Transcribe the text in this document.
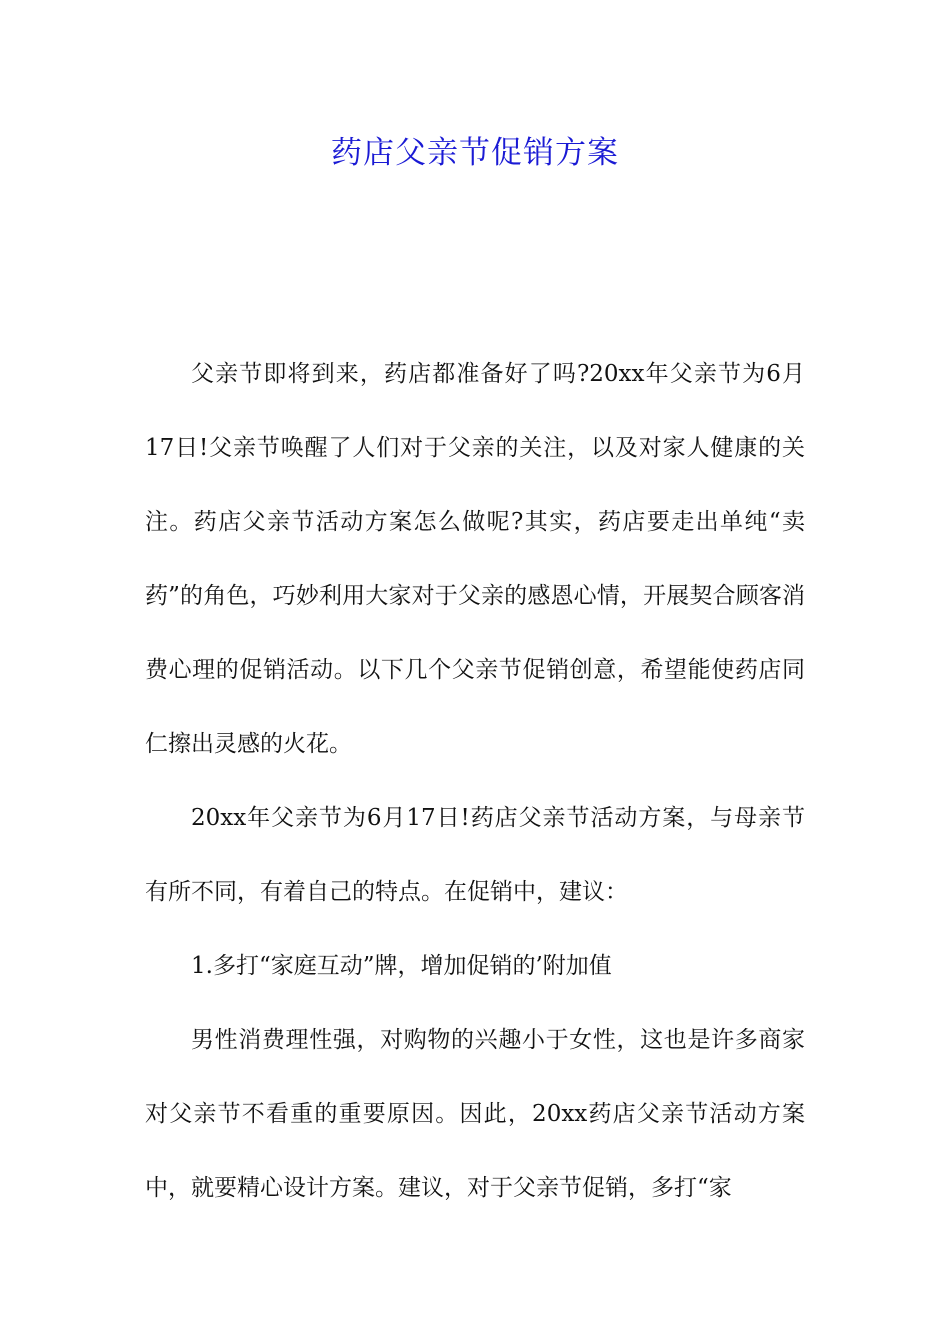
药店父亲节促销方案

父亲节即将到来，药店都准备好了吗?20xx年父亲节为6月17日!父亲节唤醒了人们对于父亲的关注，以及对家人健康的关注。药店父亲节活动方案怎么做呢?其实，药店要走出单纯“卖药”的角色，巧妙利用大家对于父亲的感恩心情，开展契合顾客消费心理的促销活动。以下几个父亲节促销创意，希望能使药店同仁擦出灵感的火花。

20xx年父亲节为6月17日!药店父亲节活动方案，与母亲节有所不同，有着自己的特点。在促销中，建议：

1.多打“家庭互动”牌，增加促销的’附加值

男性消费理性强，对购物的兴趣小于女性，这也是许多商家对父亲节不看重的重要原因。因此，20xx药店父亲节活动方案中，就要精心设计方案。建议，对于父亲节促销，多打“家
